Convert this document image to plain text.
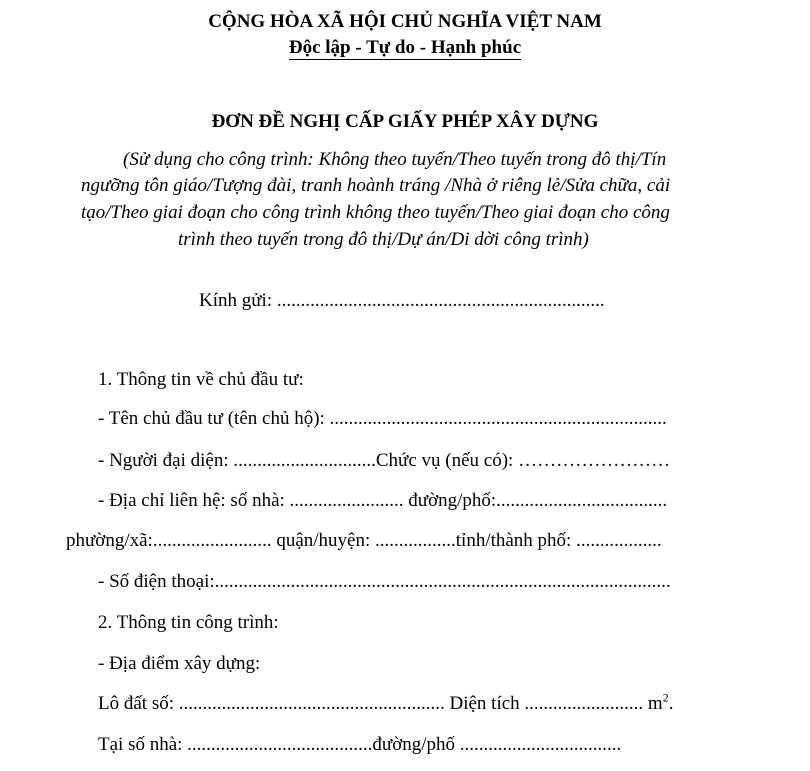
CỘNG HÒA XÃ HỘI CHỦ NGHĨA VIỆT NAM
Độc lập - Tự do - Hạnh phúc
ĐƠN ĐỀ NGHỊ CẤP GIẤY PHÉP XÂY DỰNG
(Sử dụng cho công trình: Không theo tuyến/Theo tuyến trong đô thị/Tín
ngưỡng tôn giáo/Tượng đài, tranh hoành tráng /Nhà ở riêng lẻ/Sửa chữa, cải
tạo/Theo giai đoạn cho công trình không theo tuyến/Theo giai đoạn cho công
trình theo tuyến trong đô thị/Dự án/Di dời công trình)
Kính gửi: .....................................................................
1. Thông tin về chủ đầu tư:
- Tên chủ đầu tư (tên chủ hộ): .......................................................................
- Người đại diện: ..............................Chức vụ (nếu có): ……………………
- Địa chỉ liên hệ: số nhà: ........................ đường/phố:....................................
phường/xã:......................... quận/huyện: .................tỉnh/thành phố: ..................
- Số điện thoại:................................................................................................
2. Thông tin công trình:
- Địa điểm xây dựng:
Lô đất số: ........................................................ Diện tích ......................... $m^2$.
Tại số nhà: .......................................đường/phố ..................................
